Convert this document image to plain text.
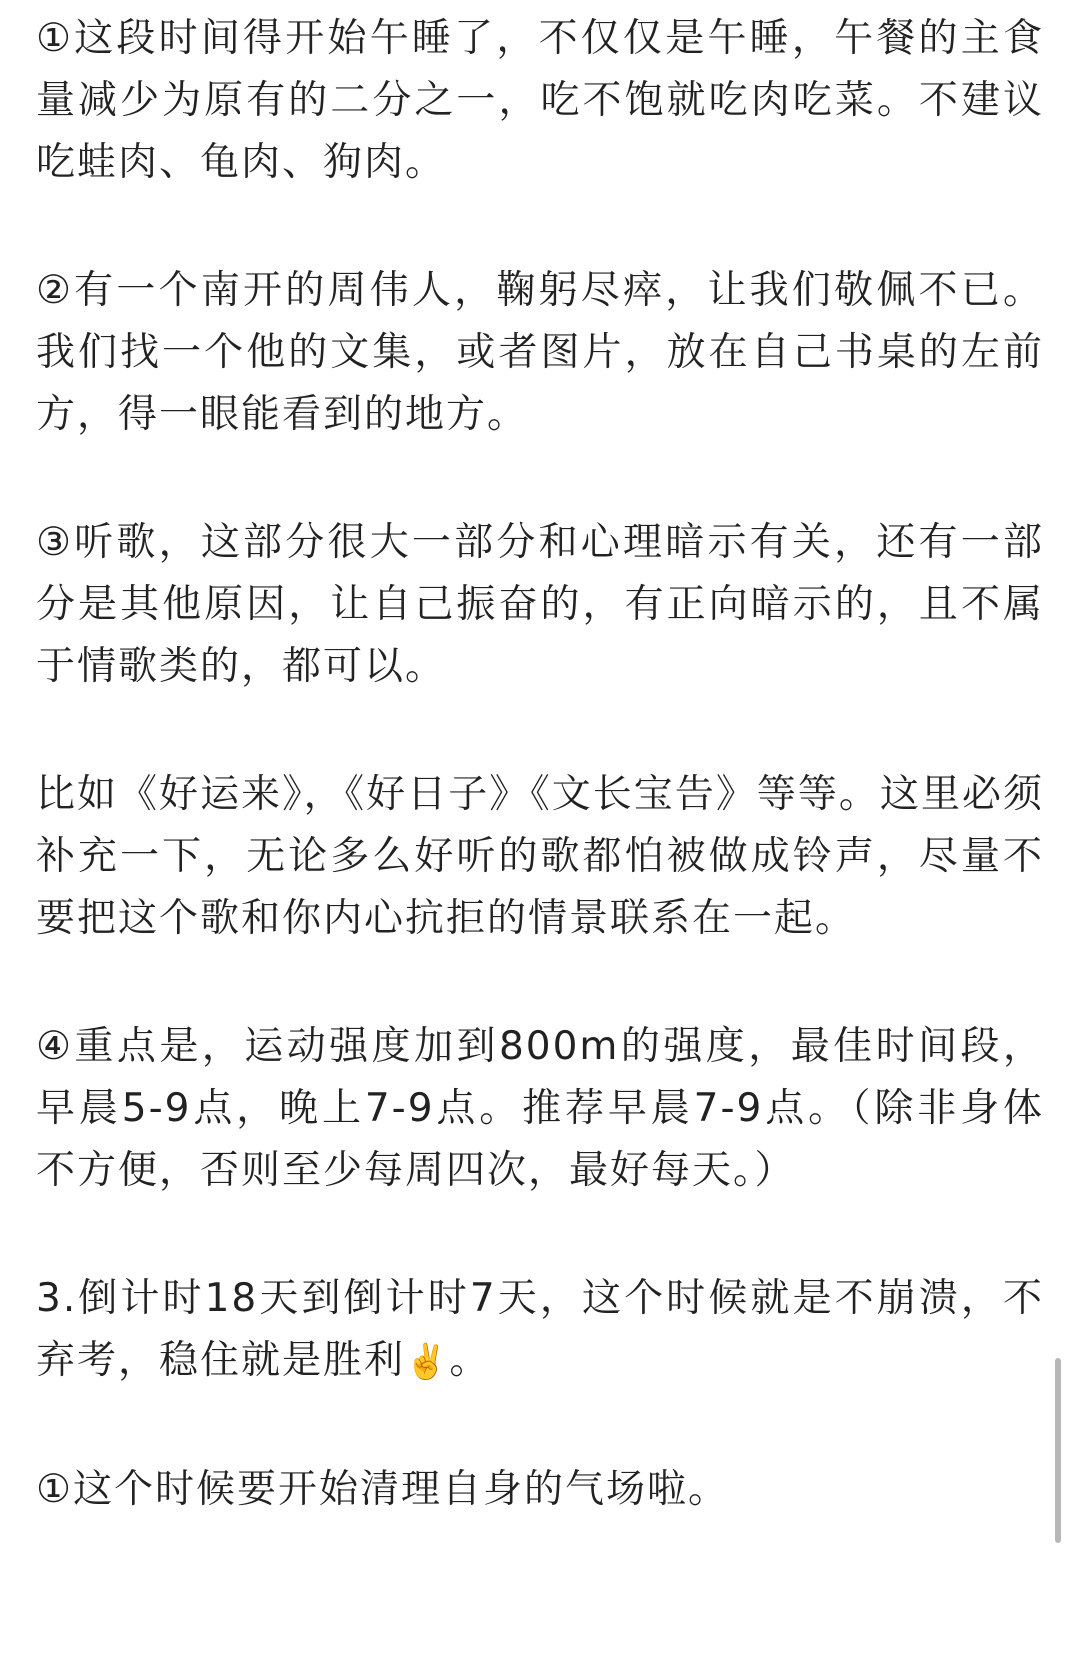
①这段时间得开始午睡了，不仅仅是午睡，午餐的主食量减少为原有的二分之一，吃不饱就吃肉吃菜。不建议吃蛙肉、龟肉、狗肉。

②有一个南开的周伟人，鞠躬尽瘁，让我们敬佩不已。我们找一个他的文集，或者图片，放在自己书桌的左前方，得一眼能看到的地方。

③听歌，这部分很大一部分和心理暗示有关，还有一部分是其他原因，让自己振奋的，有正向暗示的，且不属于情歌类的，都可以。

比如《好运来》，《好日子》《文长宝告》等等。这里必须补充一下，无论多么好听的歌都怕被做成铃声，尽量不要把这个歌和你内心抗拒的情景联系在一起。

④重点是，运动强度加到800m的强度，最佳时间段，早晨5-9点，晚上7-9点。推荐早晨7-9点。（除非身体不方便，否则至少每周四次，最好每天。）

3.倒计时18天到倒计时7天，这个时候就是不崩溃，不弃考，稳住就是胜利✌️。

①这个时候要开始清理自身的气场啦。
